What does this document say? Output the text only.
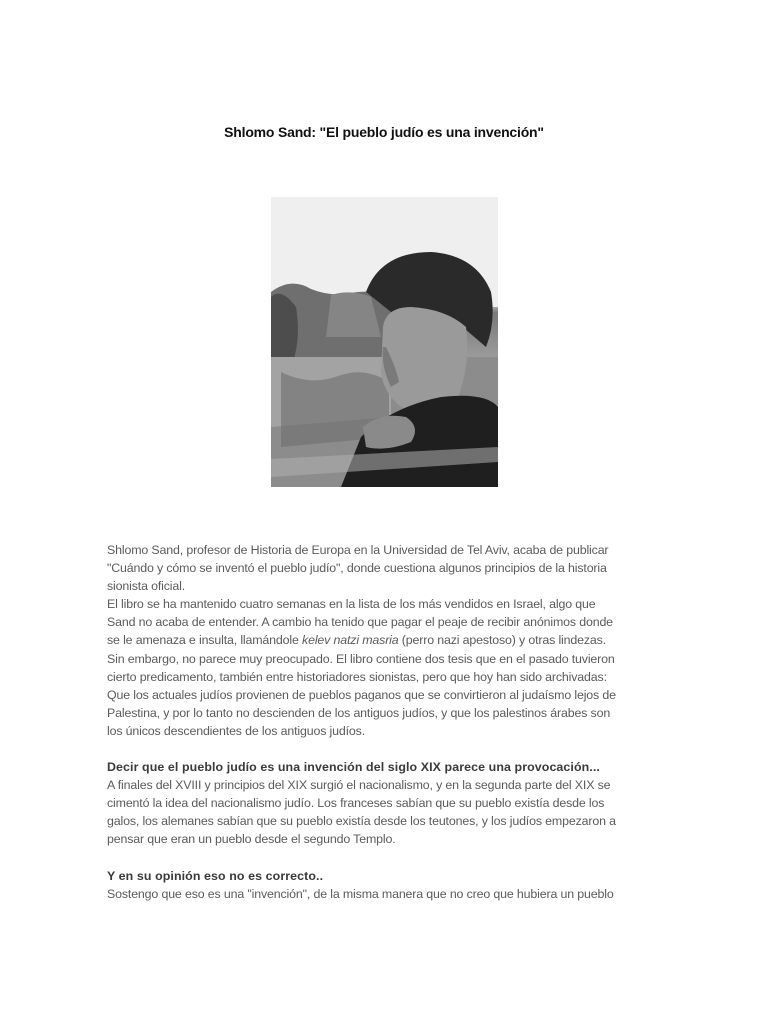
Shlomo Sand: "El pueblo judío es una invención"

Shlomo Sand, profesor de Historia de Europa en la Universidad de Tel Aviv, acaba de publicar
"Cuándo y cómo se inventó el pueblo judío", donde cuestiona algunos principios de la historia
sionista oficial.
El libro se ha mantenido cuatro semanas en la lista de los más vendidos en Israel, algo que
Sand no acaba de entender. A cambio ha tenido que pagar el peaje de recibir anónimos donde
se le amenaza e insulta, llamándole kelev natzi masria (perro nazi apestoso) y otras lindezas.
Sin embargo, no parece muy preocupado. El libro contiene dos tesis que en el pasado tuvieron
cierto predicamento, también entre historiadores sionistas, pero que hoy han sido archivadas:
Que los actuales judíos provienen de pueblos paganos que se convirtieron al judaísmo lejos de
Palestina, y por lo tanto no descienden de los antiguos judíos, y que los palestinos árabes son
los únicos descendientes de los antiguos judíos.

Decir que el pueblo judío es una invención del siglo XIX parece una provocación...
A finales del XVIII y principios del XIX surgió el nacionalismo, y en la segunda parte del XIX se
cimentó la idea del nacionalismo judío. Los franceses sabían que su pueblo existía desde los
galos, los alemanes sabían que su pueblo existía desde los teutones, y los judíos empezaron a
pensar que eran un pueblo desde el segundo Templo.

Y en su opinión eso no es correcto..
Sostengo que eso es una "invención", de la misma manera que no creo que hubiera un pueblo
